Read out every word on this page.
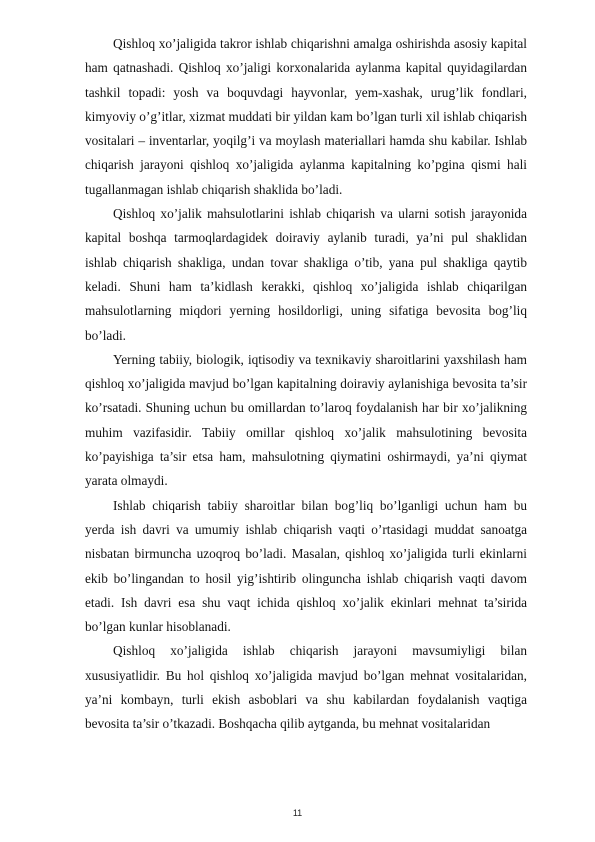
Qishloq xo’jaligida takror ishlab chiqarishni amalga oshirishda asosiy kapital ham qatnashadi. Qishloq xo’jaligi korxonalarida aylanma kapital quyidagilardan tashkil topadi: yosh va boquvdagi hayvonlar, yem-xashak, urug’lik fondlari, kimyoviy o’g’itlar, xizmat muddati bir yildan kam bo’lgan turli xil ishlab chiqarish vositalari – inventarlar, yoqilg’i va moylash materiallari hamda shu kabilar. Ishlab chiqarish jarayoni qishloq xo’jaligida aylanma kapitalning ko’pgina qismi hali tugallanmagan ishlab chiqarish shaklida bo’ladi.

Qishloq xo’jalik mahsulotlarini ishlab chiqarish va ularni sotish jarayonida kapital boshqa tarmoqlardagidek doiraviy aylanib turadi, ya’ni pul shaklidan ishlab chiqarish shakliga, undan tovar shakliga o’tib, yana pul shakliga qaytib keladi. Shuni ham ta’kidlash kerakki, qishloq xo’jaligida ishlab chiqarilgan mahsulotlarning miqdori yerning hosildorligi, uning sifatiga bevosita bog’liq bo’ladi.

Yerning tabiiy, biologik, iqtisodiy va texnikaviy sharoitlarini yaxshilash ham qishloq xo’jaligida mavjud bo’lgan kapitalning doiraviy aylanishiga bevosita ta’sir ko’rsatadi. Shuning uchun bu omillardan to’laroq foydalanish har bir xo’jalikning muhim vazifasidir. Tabiiy omillar qishloq xo’jalik mahsulotining bevosita ko’payishiga ta’sir etsa ham, mahsulotning qiymatini oshirmaydi, ya’ni qiymat yarata olmaydi.

Ishlab chiqarish tabiiy sharoitlar bilan bog’liq bo’lganligi uchun ham bu yerda ish davri va umumiy ishlab chiqarish vaqti o’rtasidagi muddat sanoatga nisbatan birmuncha uzoqroq bo’ladi. Masalan, qishloq xo’jaligida turli ekinlarni ekib bo’lingandan to hosil yig’ishtirib olinguncha ishlab chiqarish vaqti davom etadi. Ish davri esa shu vaqt ichida qishloq xo’jalik ekinlari mehnat ta’sirida bo’lgan kunlar hisoblanadi.

Qishloq xo’jaligida ishlab chiqarish jarayoni mavsumiyligi bilan xususiyatlidir. Bu hol qishloq xo’jaligida mavjud bo’lgan mehnat vositalaridan, ya’ni kombayn, turli ekish asboblari va shu kabilardan foydalanish vaqtiga bevosita ta’sir o’tkazadi. Boshqacha qilib aytganda, bu mehnat vositalaridan

11
